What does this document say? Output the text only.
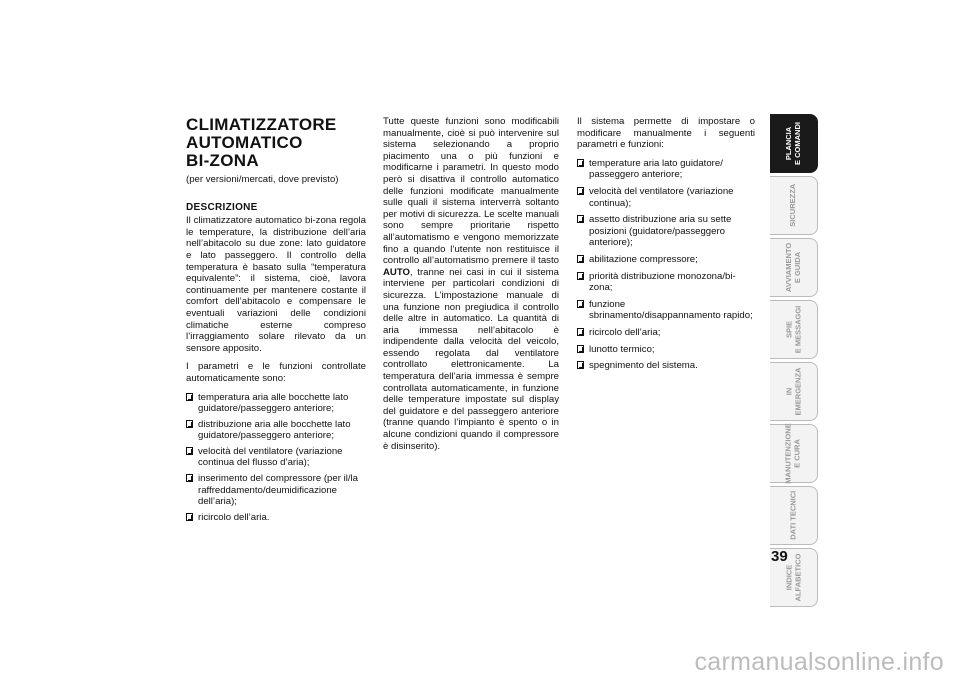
CLIMATIZZATORE
AUTOMATICO
BI-ZONA
(per versioni/mercati, dove previsto)
DESCRIZIONE

Il climatizzatore automatico bi-zona regola le temperature, la distribuzione dell’aria nell’abitacolo su due zone: lato guidatore e lato passeggero. Il controllo della temperatura è basato sulla “temperatura equivalente”: il sistema, cioè, lavora continuamente per mantenere costante il comfort dell’abitacolo e compensare le eventuali variazioni delle condizioni climatiche esterne compreso l’irraggiamento solare rilevato da un sensore apposito.

I parametri e le funzioni controllate automaticamente sono:

temperatura aria alle bocchette lato guidatore/passeggero anteriore;
distribuzione aria alle bocchette lato guidatore/passeggero anteriore;
velocità del ventilatore (variazione continua del flusso d’aria);
inserimento del compressore (per il/la raffreddamento/deumidificazione dell’aria);
ricircolo dell’aria.

Tutte queste funzioni sono modificabili manualmente, cioè si può intervenire sul sistema selezionando a proprio piacimento una o più funzioni e modificarne i parametri. In questo modo però si disattiva il controllo automatico delle funzioni modificate manualmente sulle quali il sistema interverrà soltanto per motivi di sicurezza. Le scelte manuali sono sempre prioritarie rispetto all’automatismo e vengono memorizzate fino a quando l’utente non restituisce il controllo all’automatismo premere il tasto AUTO, tranne nei casi in cui il sistema interviene per particolari condizioni di sicurezza. L’impostazione manuale di una funzione non pregiudica il controllo delle altre in automatico. La quantità di aria immessa nell’abitacolo è indipendente dalla velocità del veicolo, essendo regolata dal ventilatore controllato elettronicamente. La temperatura dell’aria immessa è sempre controllata automaticamente, in funzione delle temperature impostate sul display del guidatore e del passeggero anteriore (tranne quando l’impianto è spento o in alcune condizioni quando il compressore è disinserito).

Il sistema permette di impostare o modificare manualmente i seguenti parametri e funzioni:

temperature aria lato guidatore/ passeggero anteriore;
velocità del ventilatore (variazione continua);
assetto distribuzione aria su sette posizioni (guidatore/passeggero anteriore);
abilitazione compressore;
priorità distribuzione monozona/bi-zona;
funzione sbrinamento/disappannamento rapido;
ricircolo dell’aria;
lunotto termico;
spegnimento del sistema.
PLANCIA
E COMANDI
SICUREZZA
AVVIAMENTO
E GUIDA
SPIE
E MESSAGGI
IN
EMERGENZA
MANUTENZIONE
E CURA
DATI TECNICI
INDICE
ALFABETICO
39
carmanualsonline.info
